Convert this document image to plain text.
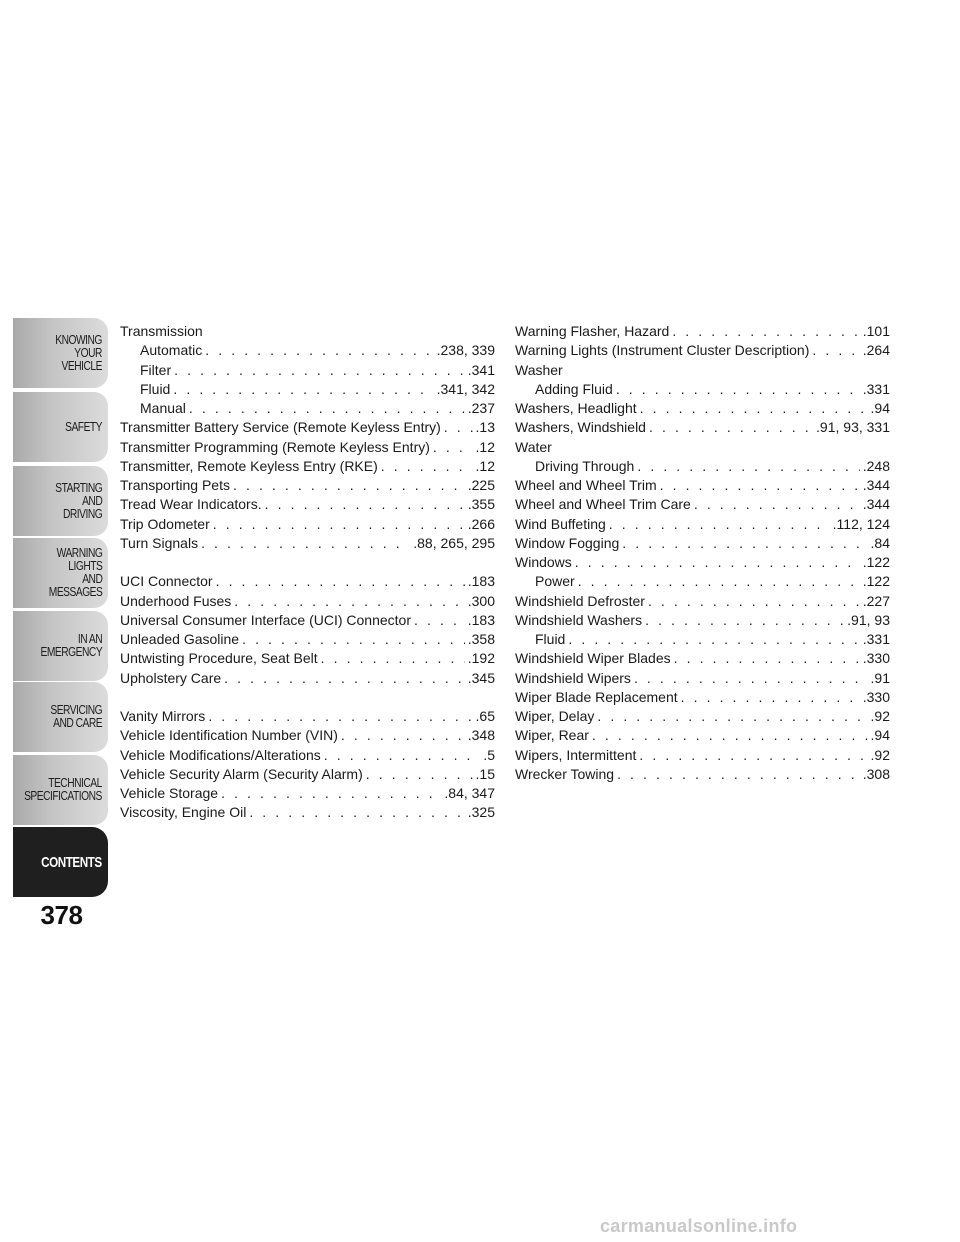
KNOWING
YOUR
VEHICLE
SAFETY
STARTING
AND
DRIVING
WARNING
LIGHTS
AND
MESSAGES
IN AN
EMERGENCY
SERVICING
AND CARE
TECHNICAL
SPECIFICATIONS
CONTENTS
378
Transmission
Automatic . . .	.238, 339
Filter . . .	.341
Fluid . . .	.341, 342
Manual . . .	.237
Transmitter Battery Service (Remote Keyless Entry) . . . .13
Transmitter Programming (Remote Keyless Entry) . . .	.12
Transmitter, Remote Keyless Entry (RKE) . . .	.12
Transporting Pets . . .	.225
Tread Wear Indicators. . . .	.355
Trip Odometer . . .	.266
Turn Signals . . .	.88, 265, 295
UCI Connector . . .	.183
Underhood Fuses . . .	.300
Universal Consumer Interface (UCI) Connector . . .	.183
Unleaded Gasoline . . .	.358
Untwisting Procedure, Seat Belt . . .	.192
Upholstery Care . . .	.345
Vanity Mirrors . . .	.65
Vehicle Identification Number (VIN) . . .	.348
Vehicle Modifications/Alterations . . .	.5
Vehicle Security Alarm (Security Alarm) . . .	.15
Vehicle Storage . . .	.84, 347
Viscosity, Engine Oil . . .	.325
Warning Flasher, Hazard . . .	.101
Warning Lights (Instrument Cluster Description) . . .	.264
Washer
Adding Fluid . . .	.331
Washers, Headlight . . .	.94
Washers, Windshield . . .	.91, 93, 331
Water
Driving Through . . .	.248
Wheel and Wheel Trim . . .	.344
Wheel and Wheel Trim Care . . .	.344
Wind Buffeting . . .	.112, 124
Window Fogging . . .	.84
Windows . . .	.122
Power . . .	.122
Windshield Defroster . . .	.227
Windshield Washers . . .	.91, 93
Fluid . . .	.331
Windshield Wiper Blades . . .	.330
Windshield Wipers . . .	.91
Wiper Blade Replacement . . .	.330
Wiper, Delay . . .	.92
Wiper, Rear . . .	.94
Wipers, Intermittent . . .	.92
Wrecker Towing . . .	.308
carmanualsonline.info
